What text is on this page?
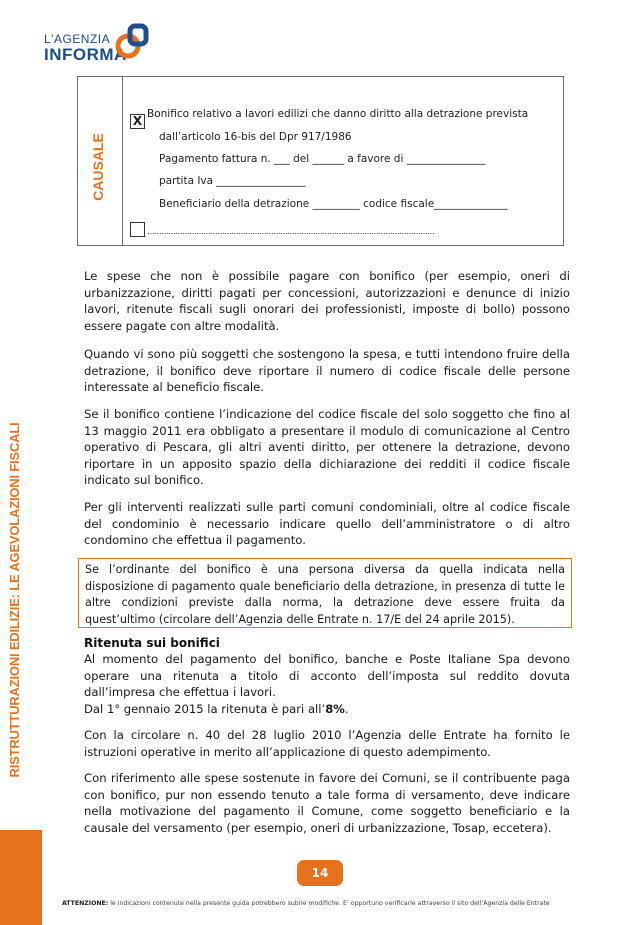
L'AGENZIA
INFORMA
CAUSALE
X Bonifico relativo a lavori edilizi che danno diritto alla detrazione prevista
dall’articolo 16-bis del Dpr 917/1986
Pagamento fattura n. ___ del ______ a favore di _______________
partita Iva _________________
Beneficiario della detrazione _________ codice fiscale______________
……………………………………………………………………………………………………………
Le spese che non è possibile pagare con bonifico (per esempio, oneri di urbanizzazione, diritti pagati per concessioni, autorizzazioni e denunce di inizio lavori, ritenute fiscali sugli onorari dei professionisti, imposte di bollo) possono essere pagate con altre modalità.
Quando vi sono più soggetti che sostengono la spesa, e tutti intendono fruire della detrazione, il bonifico deve riportare il numero di codice fiscale delle persone interessate al beneficio fiscale.
Se il bonifico contiene l’indicazione del codice fiscale del solo soggetto che fino al 13 maggio 2011 era obbligato a presentare il modulo di comunicazione al Centro operativo di Pescara, gli altri aventi diritto, per ottenere la detrazione, devono riportare in un apposito spazio della dichiarazione dei redditi il codice fiscale indicato sul bonifico.
Per gli interventi realizzati sulle parti comuni condominiali, oltre al codice fiscale del condominio è necessario indicare quello dell’amministratore o di altro condomino che effettua il pagamento.
Se l’ordinante del bonifico è una persona diversa da quella indicata nella disposizione di pagamento quale beneficiario della detrazione, in presenza di tutte le altre condizioni previste dalla norma, la detrazione deve essere fruita da quest’ultimo (circolare dell’Agenzia delle Entrate n. 17/E del 24 aprile 2015).
Ritenuta sui bonifici
Al momento del pagamento del bonifico, banche e Poste Italiane Spa devono operare una ritenuta a titolo di acconto dell’imposta sul reddito dovuta dall’impresa che effettua i lavori.
Dal 1° gennaio 2015 la ritenuta è pari all’8%.
Con la circolare n. 40 del 28 luglio 2010 l’Agenzia delle Entrate ha fornito le istruzioni operative in merito all’applicazione di questo adempimento.
Con riferimento alle spese sostenute in favore dei Comuni, se il contribuente paga con bonifico, pur non essendo tenuto a tale forma di versamento, deve indicare nella motivazione del pagamento il Comune, come soggetto beneficiario e la causale del versamento (per esempio, oneri di urbanizzazione, Tosap, eccetera).
RISTRUTTURAZIONI EDILIZIE: LE AGEVOLAZIONI FISCALI
14
ATTENZIONE: le indicazioni contenute nella presente guida potrebbero subire modifiche. E’ opportuno verificarle attraverso il sito dell’Agenzia delle Entrate
